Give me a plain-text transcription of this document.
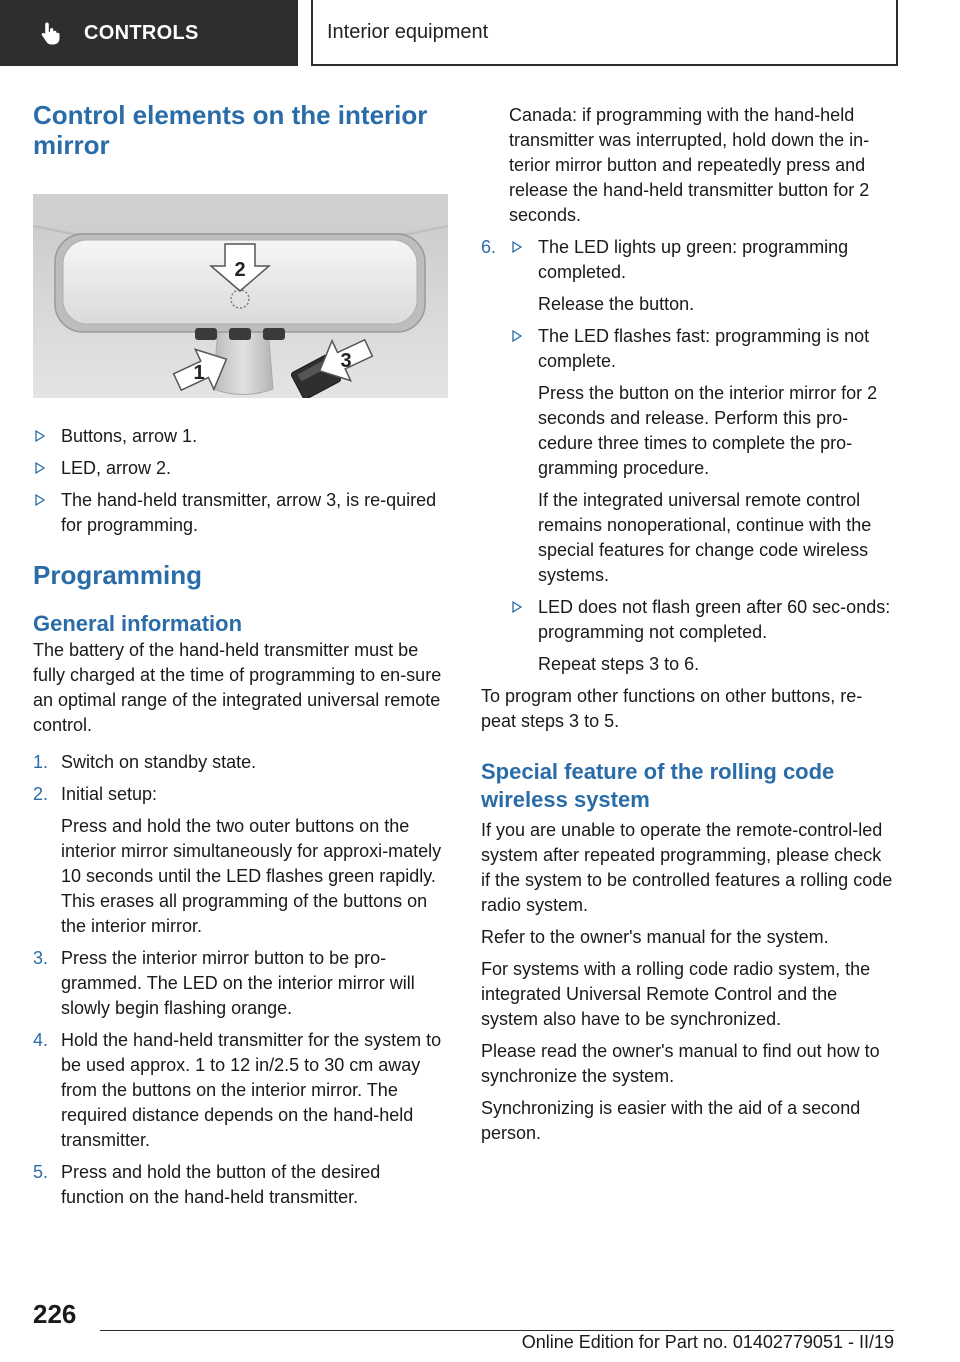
CONTROLS	Interior equipment
Control elements on the interior mirror
2
1
3
Buttons, arrow 1.
LED, arrow 2.
The hand-held transmitter, arrow 3, is re-quired for programming.
Programming
General information

The battery of the hand-held transmitter must be fully charged at the time of programming to en-sure an optimal range of the integrated universal remote control.

1. Switch on standby state.
2. Initial setup:
Press and hold the two outer buttons on the interior mirror simultaneously for approxi-mately 10 seconds until the LED flashes green rapidly. This erases all programming of the buttons on the interior mirror.
3. Press the interior mirror button to be pro-grammed. The LED on the interior mirror will slowly begin flashing orange.
4. Hold the hand-held transmitter for the system to be used approx. 1 to 12 in/2.5 to 30 cm away from the buttons on the interior mirror. The required distance depends on the hand-held transmitter.
5. Press and hold the button of the desired function on the hand-held transmitter.

Canada: if programming with the hand-held transmitter was interrupted, hold down the in-terior mirror button and repeatedly press and release the hand-held transmitter button for 2 seconds.

6.	The LED lights up green: programming completed.
Release the button.
The LED flashes fast: programming is not complete.
Press the button on the interior mirror for 2 seconds and release. Perform this pro-cedure three times to complete the pro-gramming procedure.
If the integrated universal remote control remains nonoperational, continue with the special features for change code wireless systems.
LED does not flash green after 60 sec-onds: programming not completed.
Repeat steps 3 to 6.

To program other functions on other buttons, re-peat steps 3 to 5.

Special feature of the rolling code wireless system

If you are unable to operate the remote-control-led system after repeated programming, please check if the system to be controlled features a rolling code radio system.

Refer to the owner's manual for the system.

For systems with a rolling code radio system, the integrated Universal Remote Control and the system also have to be synchronized.

Please read the owner's manual to find out how to synchronize the system.

Synchronizing is easier with the aid of a second person.

226
Online Edition for Part no. 01402779051 - II/19
